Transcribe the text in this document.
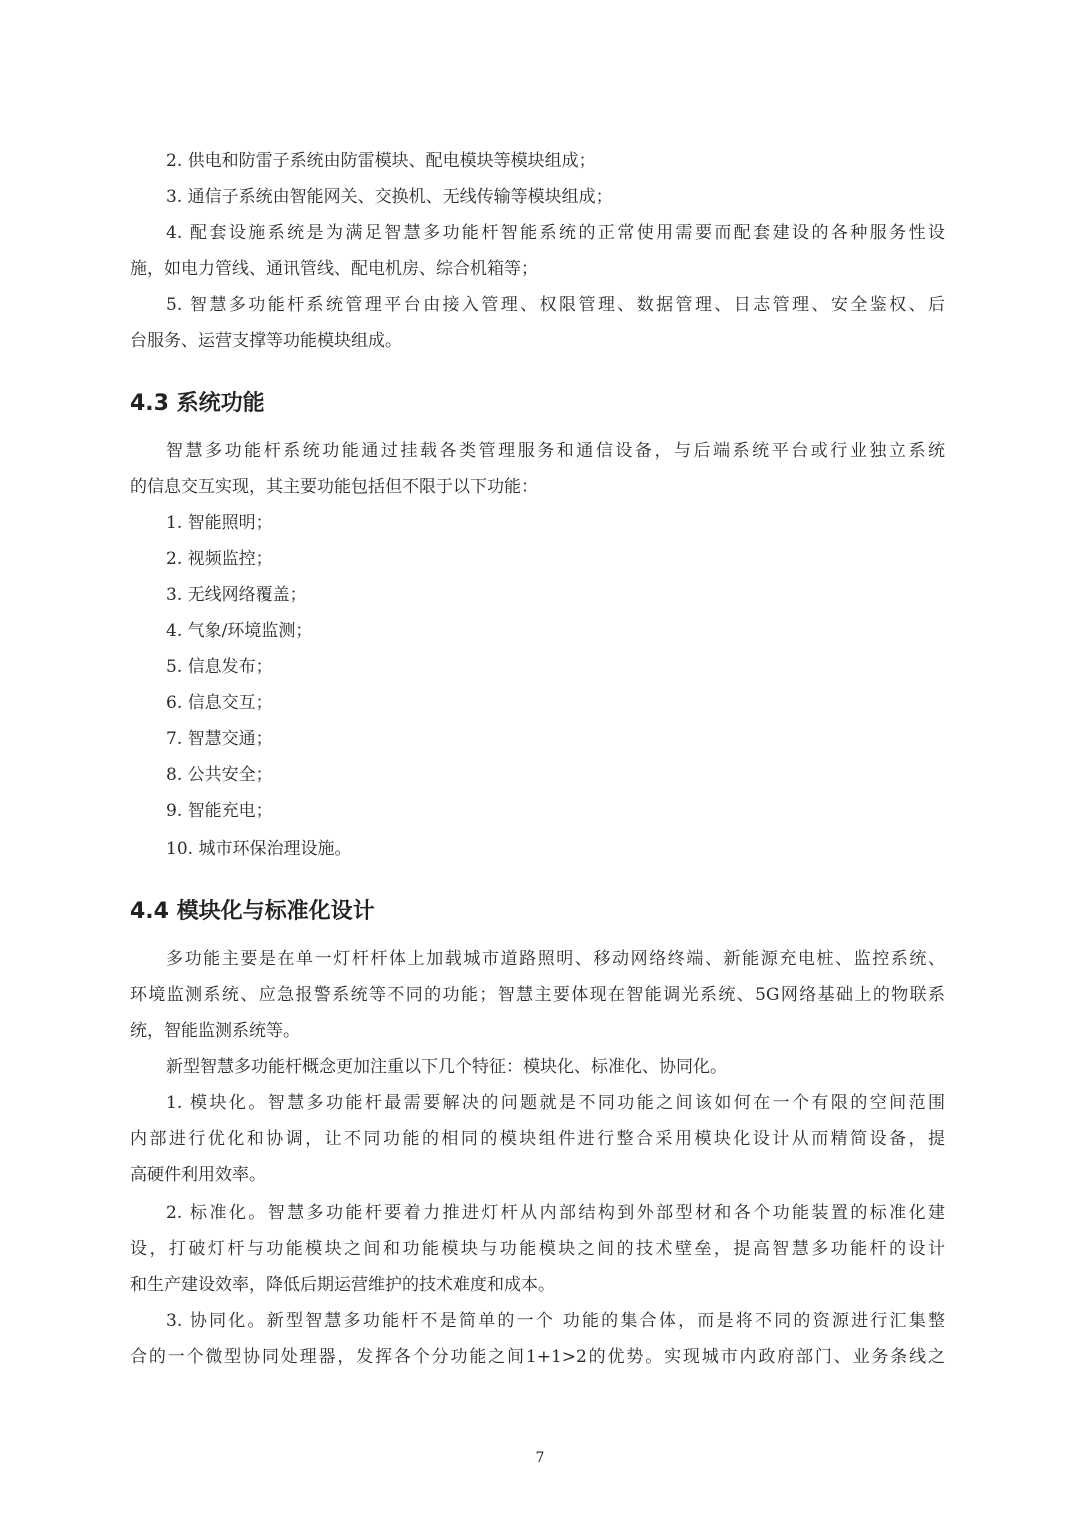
2. 供电和防雷子系统由防雷模块、配电模块等模块组成；
3. 通信子系统由智能网关、交换机、无线传输等模块组成；
4. 配套设施系统是为满足智慧多功能杆智能系统的正常使用需要而配套建设的各种服务性设
施，如电力管线、通讯管线、配电机房、综合机箱等；
5. 智慧多功能杆系统管理平台由接入管理、权限管理、数据管理、日志管理、安全鉴权、后
台服务、运营支撑等功能模块组成。
4.3 系统功能
智慧多功能杆系统功能通过挂载各类管理服务和通信设备，与后端系统平台或行业独立系统
的信息交互实现，其主要功能包括但不限于以下功能：
1. 智能照明；
2. 视频监控；
3. 无线网络覆盖；
4. 气象/环境监测；
5. 信息发布；
6. 信息交互；
7. 智慧交通；
8. 公共安全；
9. 智能充电；
10. 城市环保治理设施。
4.4 模块化与标准化设计
多功能主要是在单一灯杆杆体上加载城市道路照明、移动网络终端、新能源充电桩、监控系统、
环境监测系统、应急报警系统等不同的功能；智慧主要体现在智能调光系统、5G网络基础上的物联系
统，智能监测系统等。
新型智慧多功能杆概念更加注重以下几个特征：模块化、标准化、协同化。
1. 模块化。智慧多功能杆最需要解决的问题就是不同功能之间该如何在一个有限的空间范围
内部进行优化和协调，让不同功能的相同的模块组件进行整合采用模块化设计从而精简设备，提
高硬件利用效率。
2. 标准化。智慧多功能杆要着力推进灯杆从内部结构到外部型材和各个功能装置的标准化建
设，打破灯杆与功能模块之间和功能模块与功能模块之间的技术壁垒，提高智慧多功能杆的设计
和生产建设效率，降低后期运营维护的技术难度和成本。
3. 协同化。新型智慧多功能杆不是简单的一个 功能的集合体，而是将不同的资源进行汇集整
合的一个微型协同处理器，发挥各个分功能之间1+1>2的优势。实现城市内政府部门、业务条线之
7
